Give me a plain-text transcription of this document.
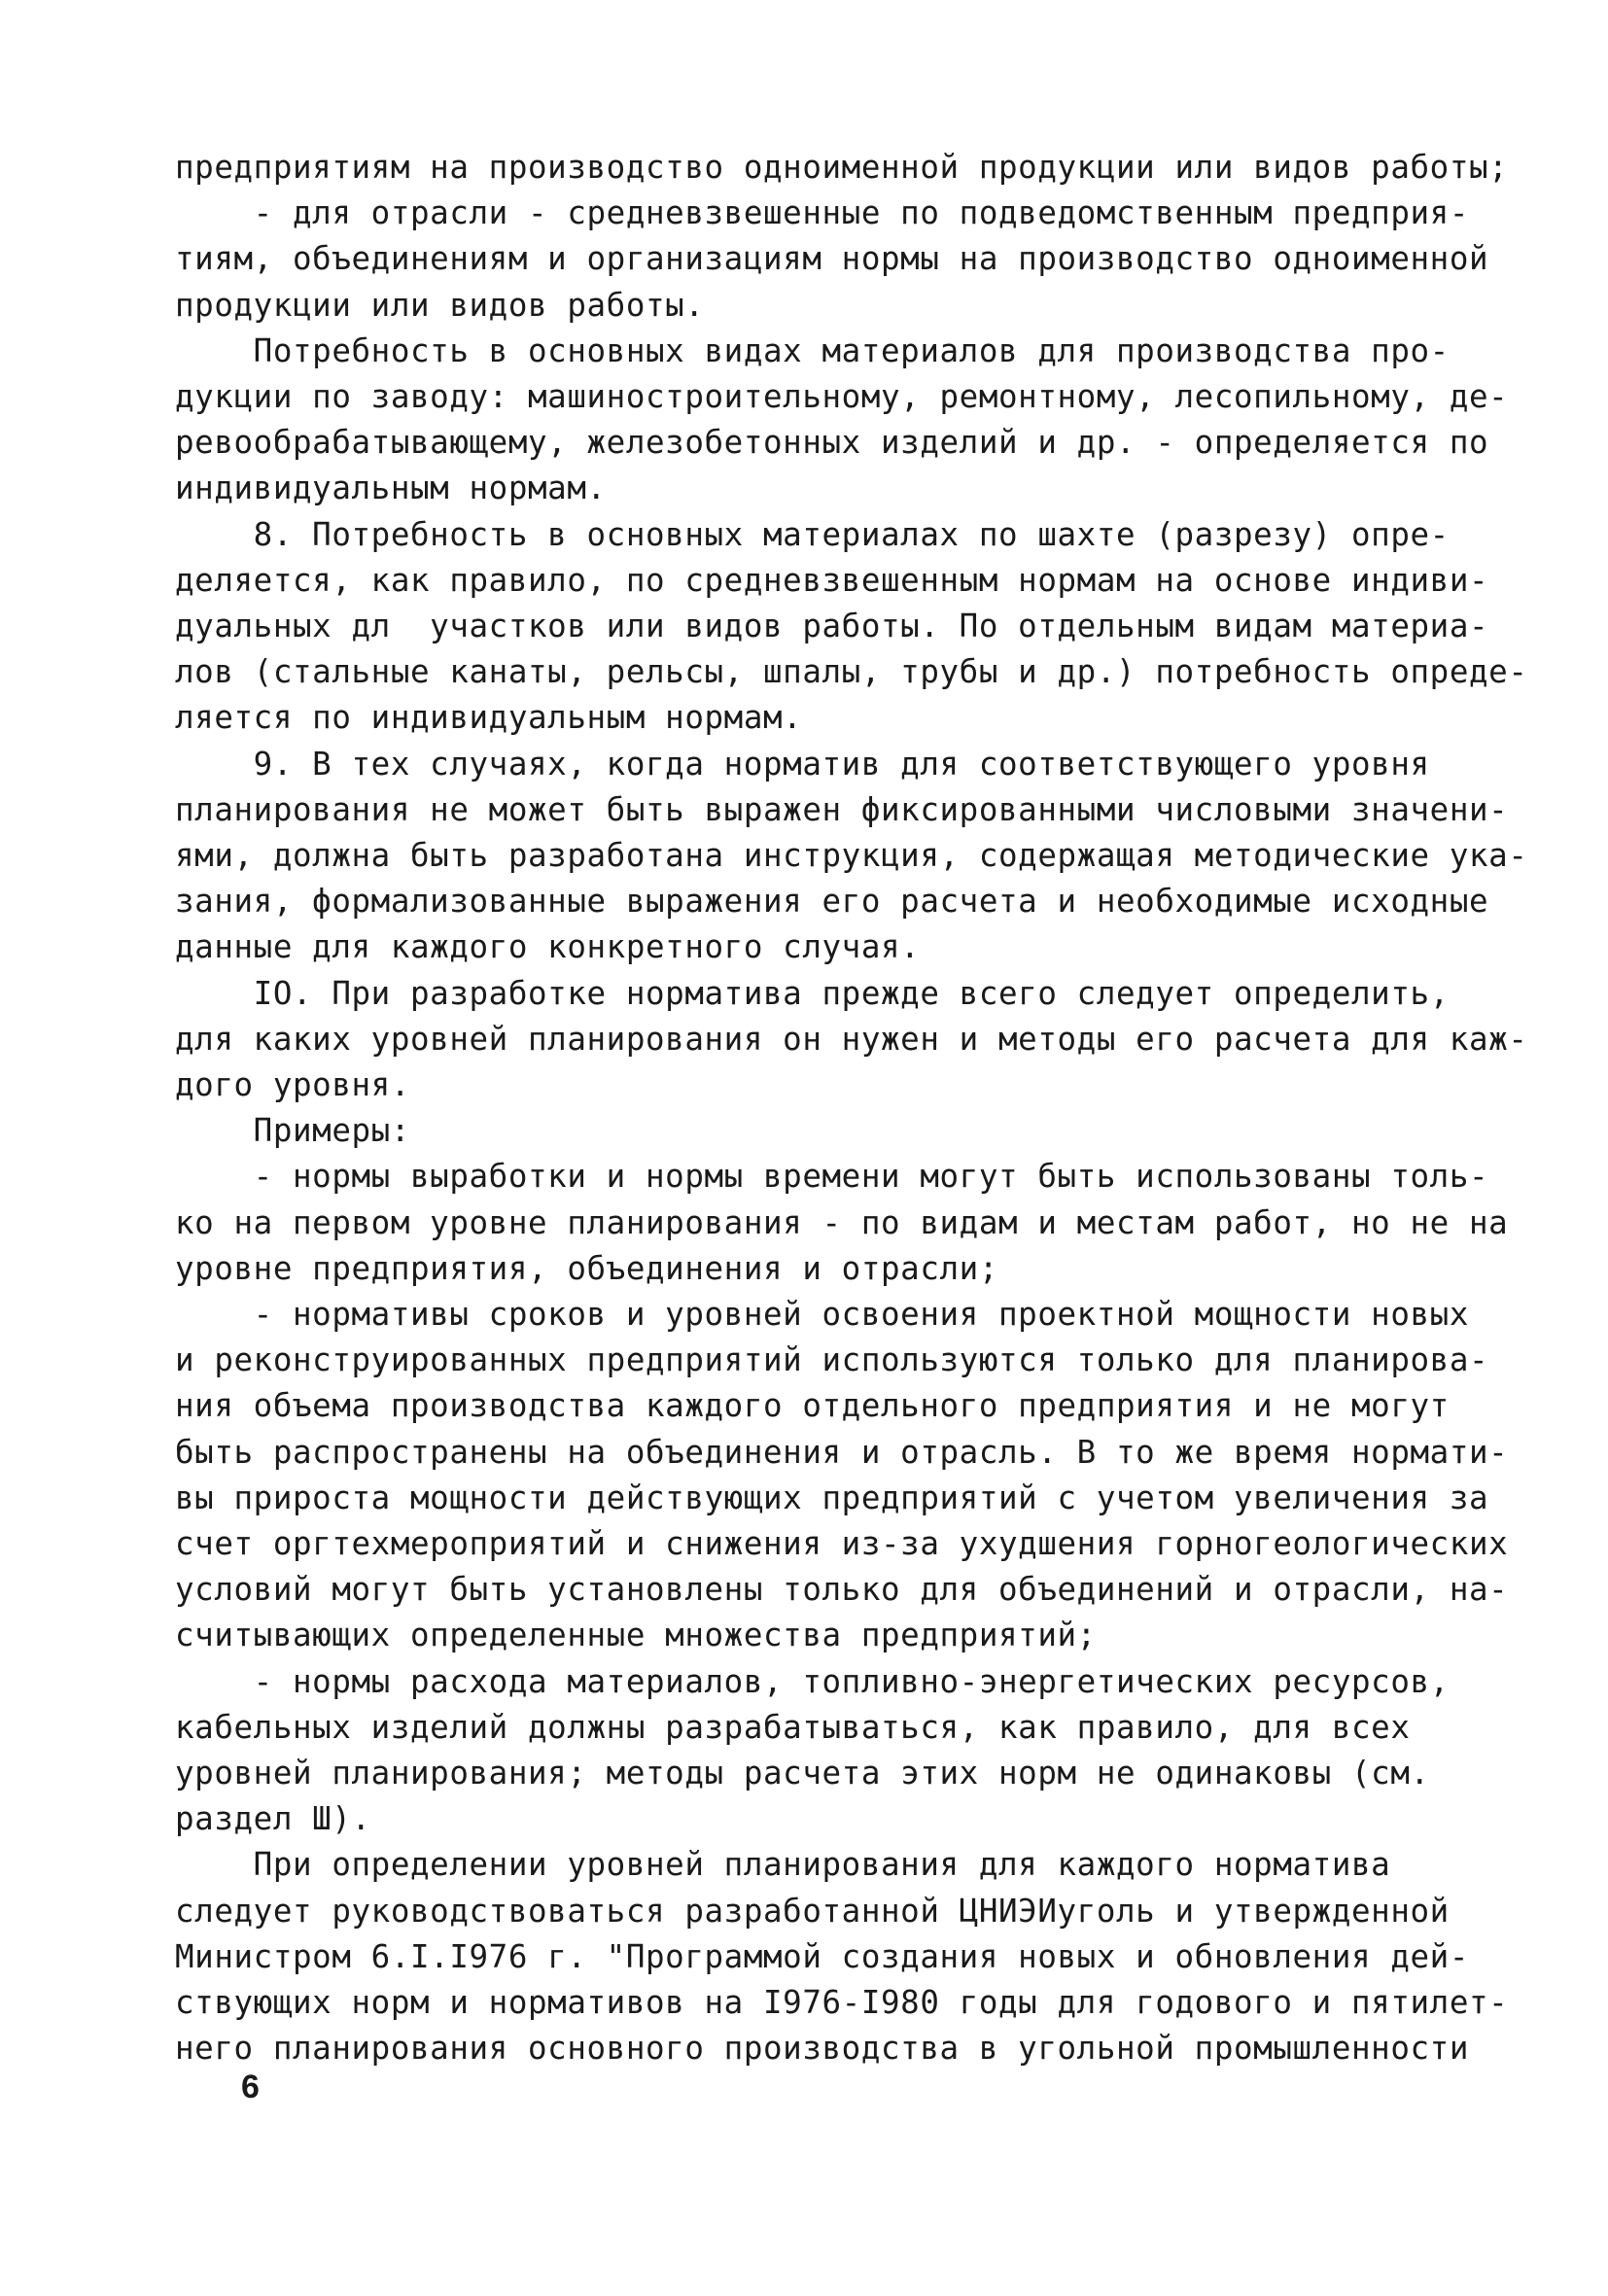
предприятиям на производство одноименной продукции или видов работы;
- для отрасли - средневзвешенные по подведомственным предприя-
тиям, объединениям и организациям нормы на производство одноименной
продукции или видов работы.
Потребность в основных видах материалов для производства про-
дукции по заводу: машиностроительному, ремонтному, лесопильному, де-
ревообрабатывающему, железобетонных изделий и др. - определяется по
индивидуальным нормам.
8. Потребность в основных материалах по шахте (разрезу) опре-
деляется, как правило, по средневзвешенным нормам на основе индиви-
дуальных дл  участков или видов работы. По отдельным видам материа-
лов (стальные канаты, рельсы, шпалы, трубы и др.) потребность опреде-
ляется по индивидуальным нормам.
9. В тех случаях, когда норматив для соответствующего уровня
планирования не может быть выражен фиксированными числовыми значени-
ями, должна быть разработана инструкция, содержащая методические ука-
зания, формализованные выражения его расчета и необходимые исходные
данные для каждого конкретного случая.
IO. При разработке норматива прежде всего следует определить,
для каких уровней планирования он нужен и методы его расчета для каж-
дого уровня.
Примеры:
- нормы выработки и нормы времени могут быть использованы толь-
ко на первом уровне планирования - по видам и местам работ, но не на
уровне предприятия, объединения и отрасли;
- нормативы сроков и уровней освоения проектной мощности новых
и реконструированных предприятий используются только для планирова-
ния объема производства каждого отдельного предприятия и не могут
быть распространены на объединения и отрасль. В то же время нормати-
вы прироста мощности действующих предприятий с учетом увеличения за
счет оргтехмероприятий и снижения из-за ухудшения горногеологических
условий могут быть установлены только для объединений и отрасли, на-
считывающих определенные множества предприятий;
- нормы расхода материалов, топливно-энергетических ресурсов,
кабельных изделий должны разрабатываться, как правило, для всех
уровней планирования; методы расчета этих норм не одинаковы (см.
раздел Ш).
При определении уровней планирования для каждого норматива
следует руководствоваться разработанной ЦНИЭИуголь и утвержденной
Министром 6.I.I976 г. "Программой создания новых и обновления дей-
ствующих норм и нормативов на I976-I980 годы для годового и пятилет-
него планирования основного производства в угольной промышленности
6
